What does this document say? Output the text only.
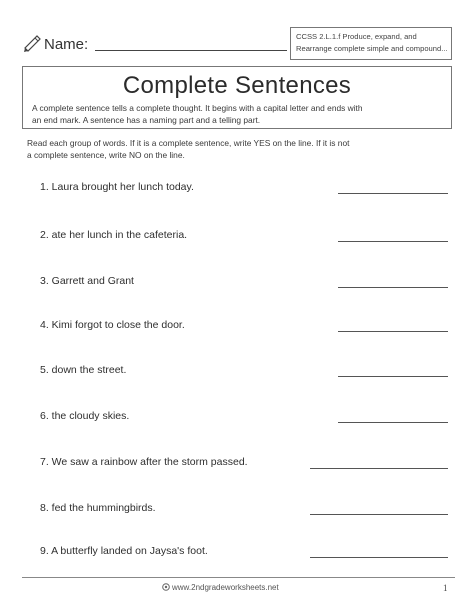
Name:	CCSS 2.L.1.f Produce, expand, and
Rearrange complete simple and compound...
Complete Sentences
A complete sentence tells a complete thought. It begins with a capital letter and ends with
an end mark. A sentence has a naming part and a telling part.
Read each group of words. If it is a complete sentence, write YES on the line. If it is not
a complete sentence, write NO on the line.
1. Laura brought her lunch today.
2. ate her lunch in the cafeteria.
3. Garrett and Grant
4. Kimi forgot to close the door.
5. down the street.
6. the cloudy skies.
7. We saw a rainbow after the storm passed.
8. fed the hummingbirds.
9. A butterfly landed on Jaysa's foot.
www.2ndgradeworksheets.net	1
